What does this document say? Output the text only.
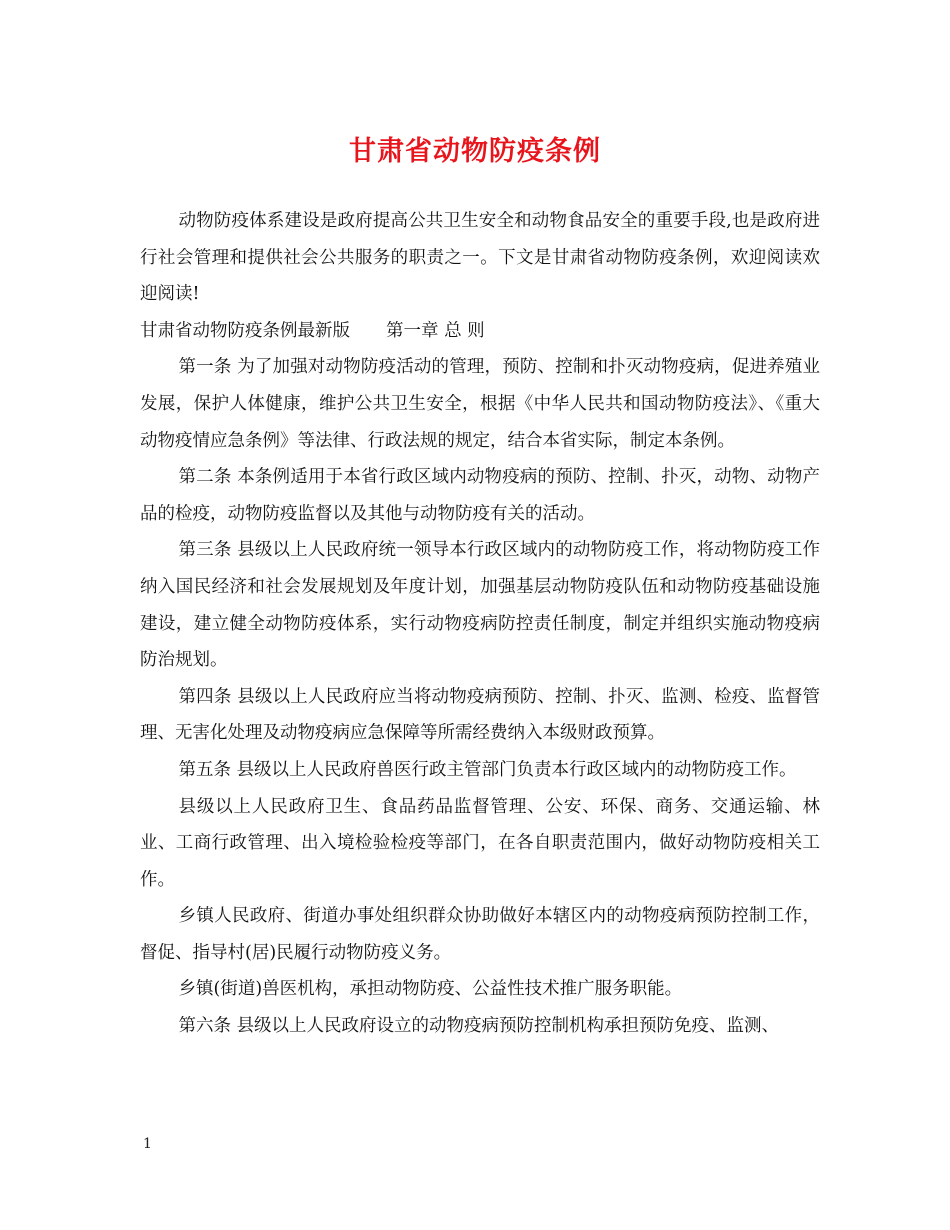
甘肃省动物防疫条例

动物防疫体系建设是政府提高公共卫生安全和动物食品安全的重要手段,也是政府进行社会管理和提供社会公共服务的职责之一。下文是甘肃省动物防疫条例，欢迎阅读欢迎阅读!

甘肃省动物防疫条例最新版 第一章 总 则

第一条 为了加强对动物防疫活动的管理，预防、控制和扑灭动物疫病，促进养殖业发展，保护人体健康，维护公共卫生安全，根据《中华人民共和国动物防疫法》、《重大动物疫情应急条例》等法律、行政法规的规定，结合本省实际，制定本条例。

第二条 本条例适用于本省行政区域内动物疫病的预防、控制、扑灭，动物、动物产品的检疫，动物防疫监督以及其他与动物防疫有关的活动。

第三条 县级以上人民政府统一领导本行政区域内的动物防疫工作，将动物防疫工作纳入国民经济和社会发展规划及年度计划，加强基层动物防疫队伍和动物防疫基础设施建设，建立健全动物防疫体系，实行动物疫病防控责任制度，制定并组织实施动物疫病防治规划。

第四条 县级以上人民政府应当将动物疫病预防、控制、扑灭、监测、检疫、监督管理、无害化处理及动物疫病应急保障等所需经费纳入本级财政预算。

第五条 县级以上人民政府兽医行政主管部门负责本行政区域内的动物防疫工作。

县级以上人民政府卫生、食品药品监督管理、公安、环保、商务、交通运输、林业、工商行政管理、出入境检验检疫等部门，在各自职责范围内，做好动物防疫相关工作。

乡镇人民政府、街道办事处组织群众协助做好本辖区内的动物疫病预防控制工作，督促、指导村(居)民履行动物防疫义务。

乡镇(街道)兽医机构，承担动物防疫、公益性技术推广服务职能。

第六条 县级以上人民政府设立的动物疫病预防控制机构承担预防免疫、监测、

1
